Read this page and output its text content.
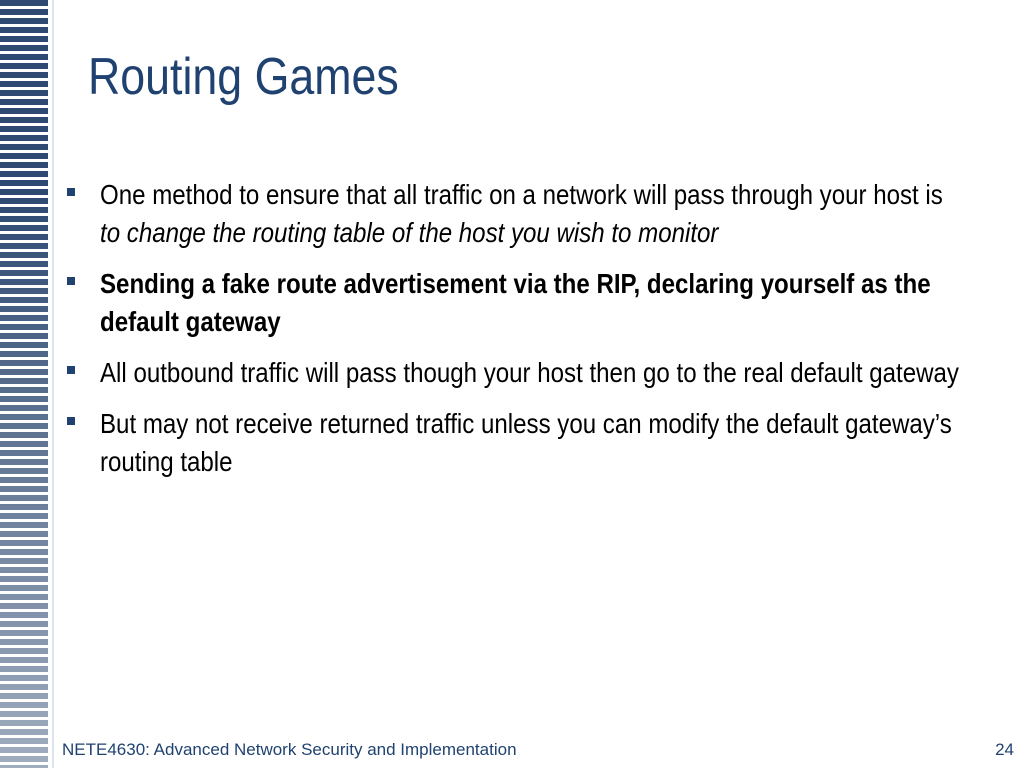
Routing Games
One method to ensure that all traffic on a network will pass through your host is to change the routing table of the host you wish to monitor
Sending a fake route advertisement via the RIP, declaring yourself as the default gateway
All outbound traffic will pass though your host then go to the real default gateway
But may not receive returned traffic unless you can modify the default gateway’s routing table
NETE4630: Advanced Network Security and Implementation	24
